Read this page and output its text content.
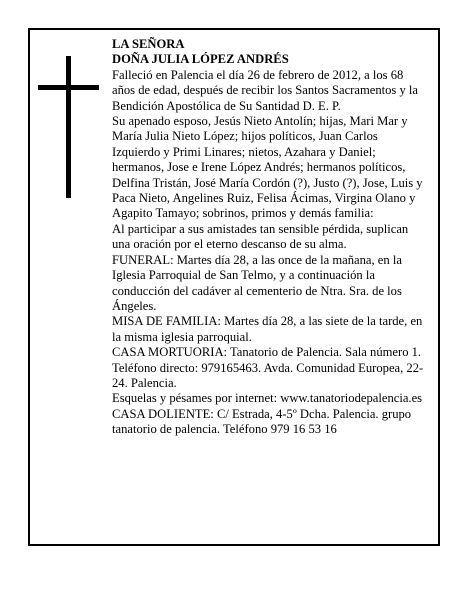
LA SEÑORA

DOÑA JULIA LÓPEZ ANDRÉS

Falleció en Palencia el día 26 de febrero de 2012, a los 68 años de edad, después de recibir los Santos Sacramentos y la Bendición Apostólica de Su Santidad D. E. P.

Su apenado esposo, Jesús Nieto Antolín; hijas, Mari Mar y María Julia Nieto López; hijos políticos, Juan Carlos Izquierdo y Primi Linares; nietos, Azahara y Daniel; hermanos, Jose e Irene López Andrés; hermanos políticos, Delfina Tristán, José María Cordón (?), Justo (?), Jose, Luis y Paca Nieto, Angelines Ruiz, Felisa Ácimas, Virgina Olano y Agapito Tamayo; sobrinos, primos y demás familia:

Al participar a sus amistades tan sensible pérdida, suplican una oración por el eterno descanso de su alma.

FUNERAL: Martes día 28, a las once de la mañana, en la Iglesia Parroquial de San Telmo, y a continuación la conducción del cadáver al cementerio de Ntra. Sra. de los Ángeles.

MISA DE FAMILIA: Martes día 28, a las siete de la tarde, en la misma iglesia parroquial.

CASA MORTUORIA: Tanatorio de Palencia. Sala número 1. Teléfono directo: 979165463. Avda. Comunidad Europea, 22-24. Palencia.

Esquelas y pésames por internet: www.tanatoriodepalencia.es

CASA DOLIENTE: C/ Estrada, 4-5º Dcha. Palencia. grupo tanatorio de palencia. Teléfono 979 16 53 16
